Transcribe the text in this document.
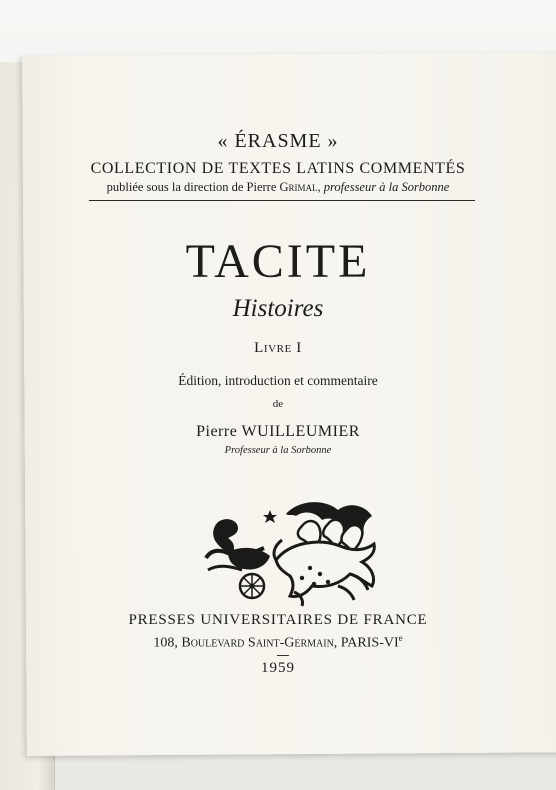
« ÉRASME »
COLLECTION DE TEXTES LATINS COMMENTÉS
publiée sous la direction de Pierre Grimal, professeur à la Sorbonne
TACITE
Histoires
Livre I
Édition, introduction et commentaire
de
Pierre WUILLEUMIER
Professeur à la Sorbonne
PRESSES UNIVERSITAIRES DE FRANCE
108, Boulevard Saint-Germain, PARIS-VIe
1959
